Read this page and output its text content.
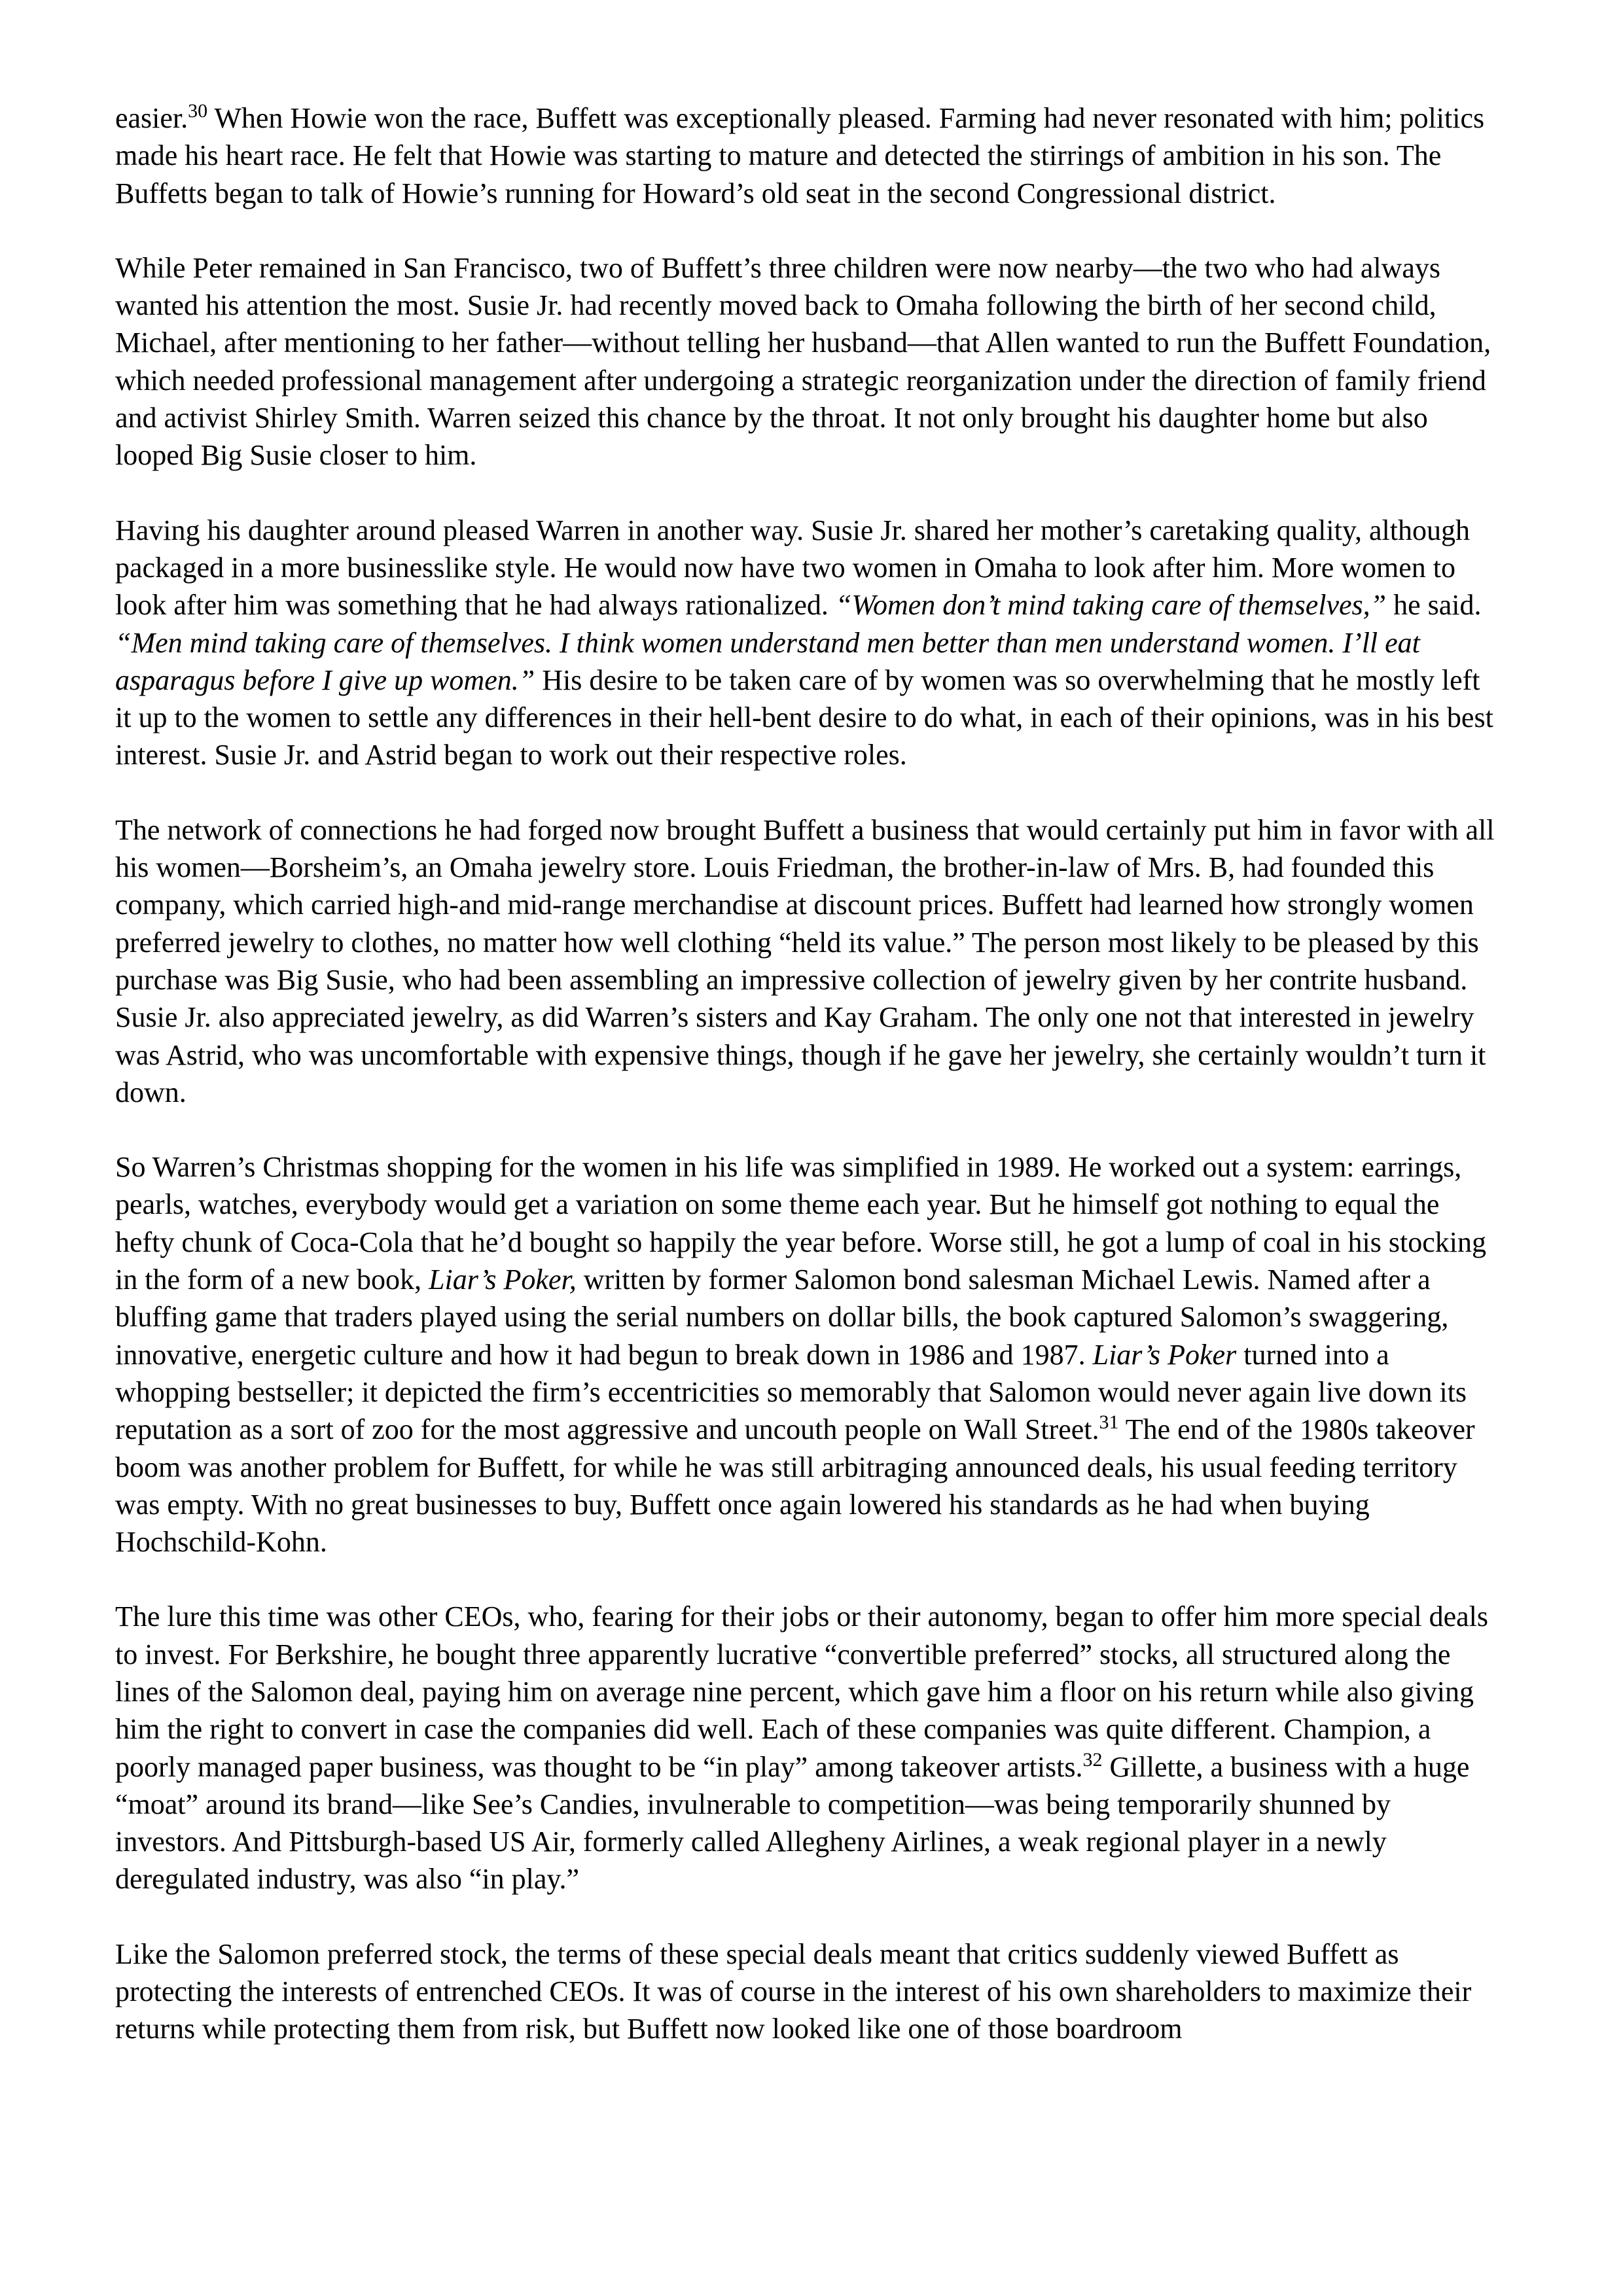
easier.$^{30}$ When Howie won the race, Buffett was exceptionally pleased. Farming had never resonated with him; politics made his heart race. He felt that Howie was starting to mature and detected the stirrings of ambition in his son. The Buffetts began to talk of Howie’s running for Howard’s old seat in the second Congressional district.

While Peter remained in San Francisco, two of Buffett’s three children were now nearby—the two who had always wanted his attention the most. Susie Jr. had recently moved back to Omaha following the birth of her second child, Michael, after mentioning to her father—without telling her husband—that Allen wanted to run the Buffett Foundation, which needed professional management after undergoing a strategic reorganization under the direction of family friend and activist Shirley Smith. Warren seized this chance by the throat. It not only brought his daughter home but also looped Big Susie closer to him.

Having his daughter around pleased Warren in another way. Susie Jr. shared her mother’s caretaking quality, although packaged in a more businesslike style. He would now have two women in Omaha to look after him. More women to look after him was something that he had always rationalized. “Women don’t mind taking care of themselves,” he said. “Men mind taking care of themselves. I think women understand men better than men understand women. I’ll eat asparagus before I give up women.” His desire to be taken care of by women was so overwhelming that he mostly left it up to the women to settle any differences in their hell-bent desire to do what, in each of their opinions, was in his best interest. Susie Jr. and Astrid began to work out their respective roles.

The network of connections he had forged now brought Buffett a business that would certainly put him in favor with all his women—Borsheim’s, an Omaha jewelry store. Louis Friedman, the brother-in-law of Mrs. B, had founded this company, which carried high-and mid-range merchandise at discount prices. Buffett had learned how strongly women preferred jewelry to clothes, no matter how well clothing “held its value.” The person most likely to be pleased by this purchase was Big Susie, who had been assembling an impressive collection of jewelry given by her contrite husband. Susie Jr. also appreciated jewelry, as did Warren’s sisters and Kay Graham. The only one not that interested in jewelry was Astrid, who was uncomfortable with expensive things, though if he gave her jewelry, she certainly wouldn’t turn it down.

So Warren’s Christmas shopping for the women in his life was simplified in 1989. He worked out a system: earrings, pearls, watches, everybody would get a variation on some theme each year. But he himself got nothing to equal the hefty chunk of Coca-Cola that he’d bought so happily the year before. Worse still, he got a lump of coal in his stocking in the form of a new book, Liar’s Poker, written by former Salomon bond salesman Michael Lewis. Named after a bluffing game that traders played using the serial numbers on dollar bills, the book captured Salomon’s swaggering, innovative, energetic culture and how it had begun to break down in 1986 and 1987. Liar’s Poker turned into a whopping bestseller; it depicted the firm’s eccentricities so memorably that Salomon would never again live down its reputation as a sort of zoo for the most aggressive and uncouth people on Wall Street.$^{31}$ The end of the 1980s takeover boom was another problem for Buffett, for while he was still arbitraging announced deals, his usual feeding territory was empty. With no great businesses to buy, Buffett once again lowered his standards as he had when buying Hochschild-Kohn.

The lure this time was other CEOs, who, fearing for their jobs or their autonomy, began to offer him more special deals to invest. For Berkshire, he bought three apparently lucrative “convertible preferred” stocks, all structured along the lines of the Salomon deal, paying him on average nine percent, which gave him a floor on his return while also giving him the right to convert in case the companies did well. Each of these companies was quite different. Champion, a poorly managed paper business, was thought to be “in play” among takeover artists.$^{32}$ Gillette, a business with a huge “moat” around its brand—like See’s Candies, invulnerable to competition—was being temporarily shunned by investors. And Pittsburgh-based US Air, formerly called Allegheny Airlines, a weak regional player in a newly deregulated industry, was also “in play.”

Like the Salomon preferred stock, the terms of these special deals meant that critics suddenly viewed Buffett as protecting the interests of entrenched CEOs. It was of course in the interest of his own shareholders to maximize their returns while protecting them from risk, but Buffett now looked like one of those boardroom
